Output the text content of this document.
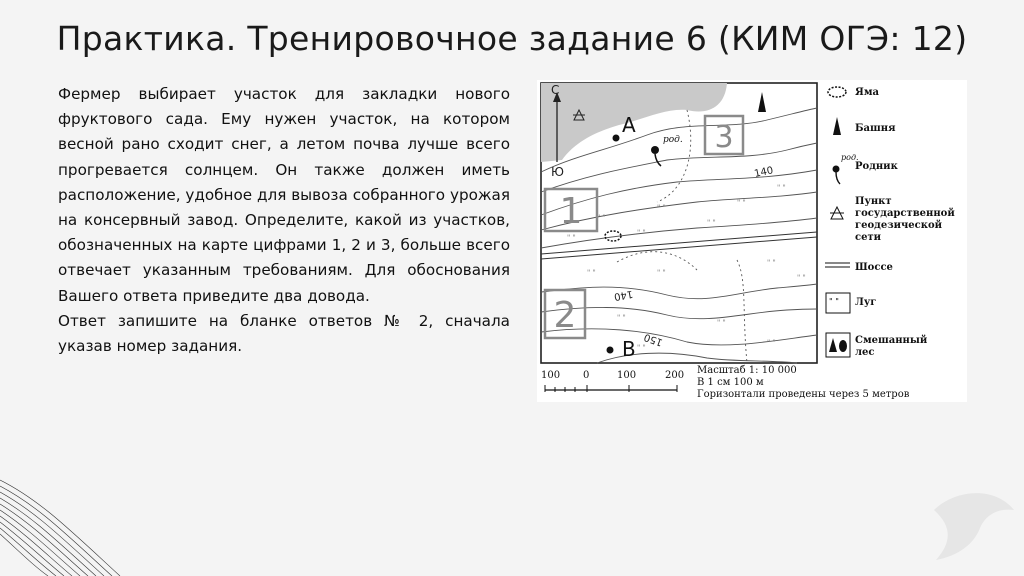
Практика. Тренировочное задание 6 (КИМ ОГЭ: 12)

Фермер выбирает участок для закладки нового фруктового сада. Ему нужен участок, на котором весной рано сходит снег, а летом почва лучше всего прогревается солнцем. Он также должен иметь расположение, удобное для вывоза собранного урожая на консервный завод. Определите, какой из участков, обозначенных на карте цифрами 1, 2 и 3, больше всего отвечает указанным требованиям. Для обоснования Вашего ответа приведите два довода.

Ответ запишите на бланке ответов № 2, сначала указав номер задания.

" "
" "
" "
" "
" "
" "
" "
" "	" "
" "
" "
" "
" "
" "
" "
С
Ю
А
род. 3
140
1
2
140
150
В
Яма
Башня
род.
Родник
Пункт
государственной
геодезической
сети
Шоссе
" " Луг
Смешанный
лес
100 0	100	200 Масштаб 1: 10 000
В 1 см 100 м
Горизонтали проведены через 5 метров
